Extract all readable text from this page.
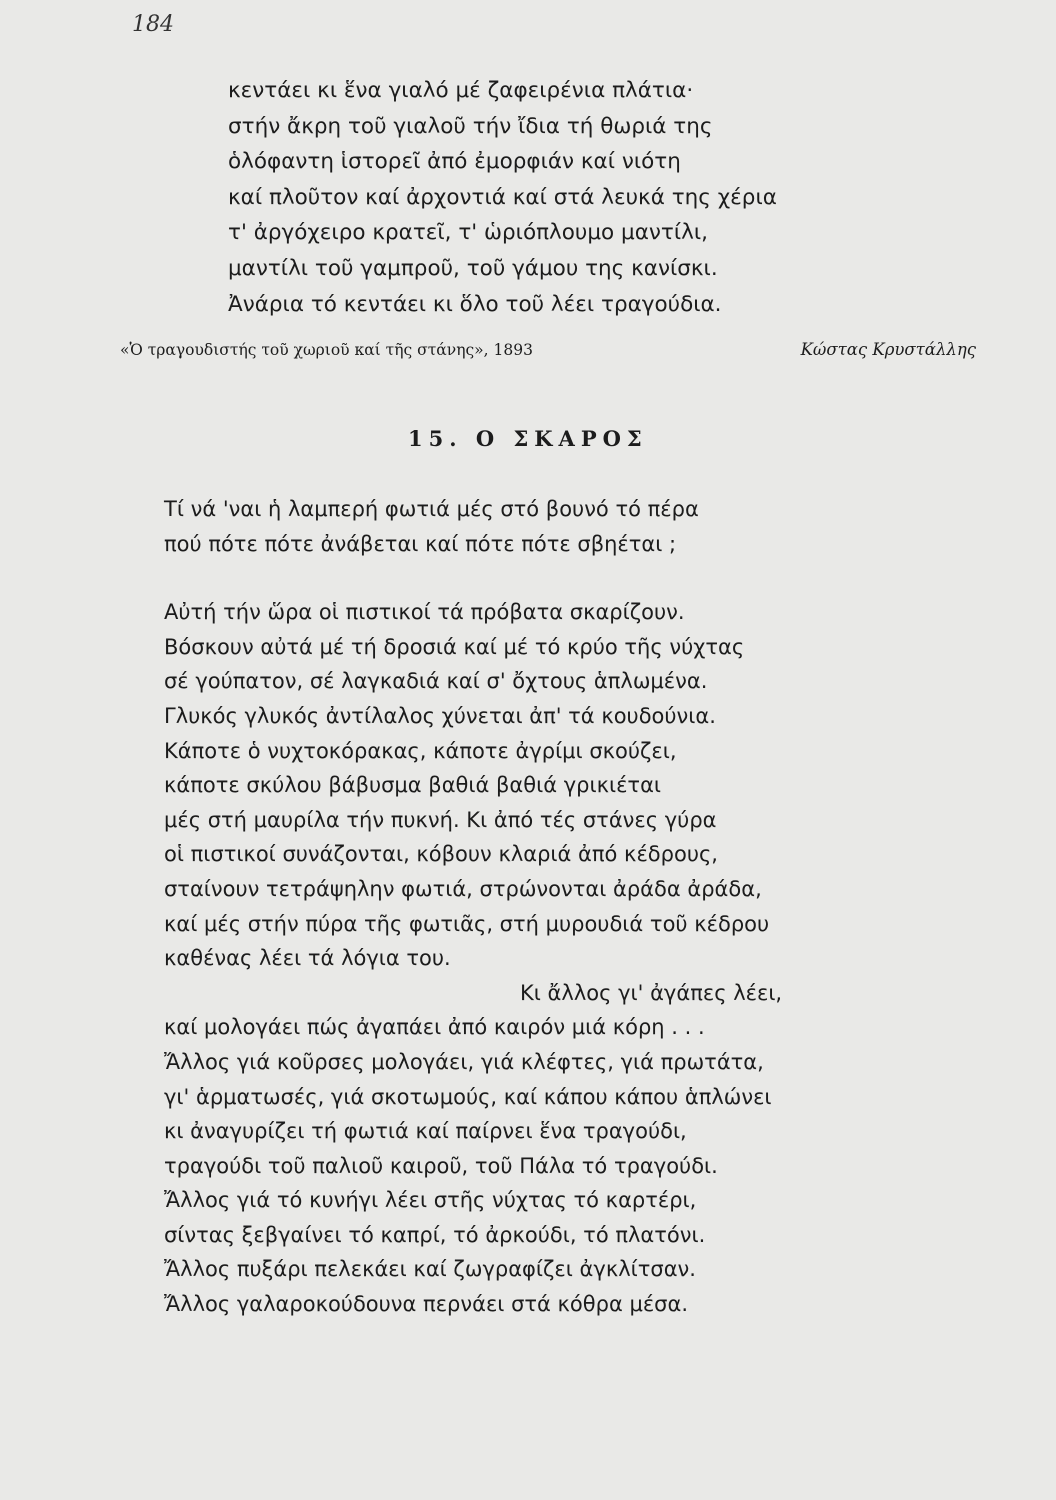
184
κεντάει κι ἕνα γιαλό μέ ζαφειρένια πλάτια·
στήν ἄκρη τοῦ γιαλοῦ τήν ἴδια τή θωριά της
ὁλόφαντη ἱστορεῖ ἀπό ἐμορφιάν καί νιότη
καί πλοῦτον καί ἀρχοντιά καί στά λευκά της χέρια
τ' ἀργόχειρο κρατεῖ, τ' ὡριόπλουμο μαντίλι,
μαντίλι τοῦ γαμπροῦ, τοῦ γάμου της κανίσκι.
Ἀνάρια τό κεντάει κι ὅλο τοῦ λέει τραγούδια.
«Ὁ τραγουδιστής τοῦ χωριοῦ καί τῆς στάνης», 1893	Κώστας Κρυστάλλης
15. Ο ΣΚΑΡΟΣ
Τί νά 'ναι ἡ λαμπερή φωτιά μές στό βουνό τό πέρα
πού πότε πότε ἀνάβεται καί πότε πότε σβηέται ;
Αὐτή τήν ὥρα οἱ πιστικοί τά πρόβατα σκαρίζουν.
Βόσκουν αὐτά μέ τή δροσιά καί μέ τό κρύο τῆς νύχτας
σέ γούπατον, σέ λαγκαδιά καί σ' ὄχτους ἁπλωμένα.
Γλυκός γλυκός ἀντίλαλος χύνεται ἀπ' τά κουδούνια.
Κάποτε ὁ νυχτοκόρακας, κάποτε ἀγρίμι σκούζει,
κάποτε σκύλου βάβυσμα βαθιά βαθιά γρικιέται
μές στή μαυρίλα τήν πυκνή. Κι ἀπό τές στάνες γύρα
οἱ πιστικοί συνάζονται, κόβουν κλαριά ἀπό κέδρους,
σταίνουν τετράψηλην φωτιά, στρώνονται ἀράδα ἀράδα,
καί μές στήν πύρα τῆς φωτιᾶς, στή μυρουδιά τοῦ κέδρου
καθένας λέει τά λόγια του.
Κι ἄλλος γι' ἀγάπες λέει,
καί μολογάει πώς ἀγαπάει ἀπό καιρόν μιά κόρη . . .
Ἄλλος γιά κοῦρσες μολογάει, γιά κλέφτες, γιά πρωτάτα,
γι' ἁρματωσές, γιά σκοτωμούς, καί κάπου κάπου ἁπλώνει
κι ἀναγυρίζει τή φωτιά καί παίρνει ἕνα τραγούδι,
τραγούδι τοῦ παλιοῦ καιροῦ, τοῦ Πάλα τό τραγούδι.
Ἄλλος γιά τό κυνήγι λέει στῆς νύχτας τό καρτέρι,
σίντας ξεβγαίνει τό καπρί, τό ἀρκούδι, τό πλατόνι.
Ἄλλος πυξάρι πελεκάει καί ζωγραφίζει ἀγκλίτσαν.
Ἄλλος γαλαροκούδουνα περνάει στά κόθρα μέσα.
